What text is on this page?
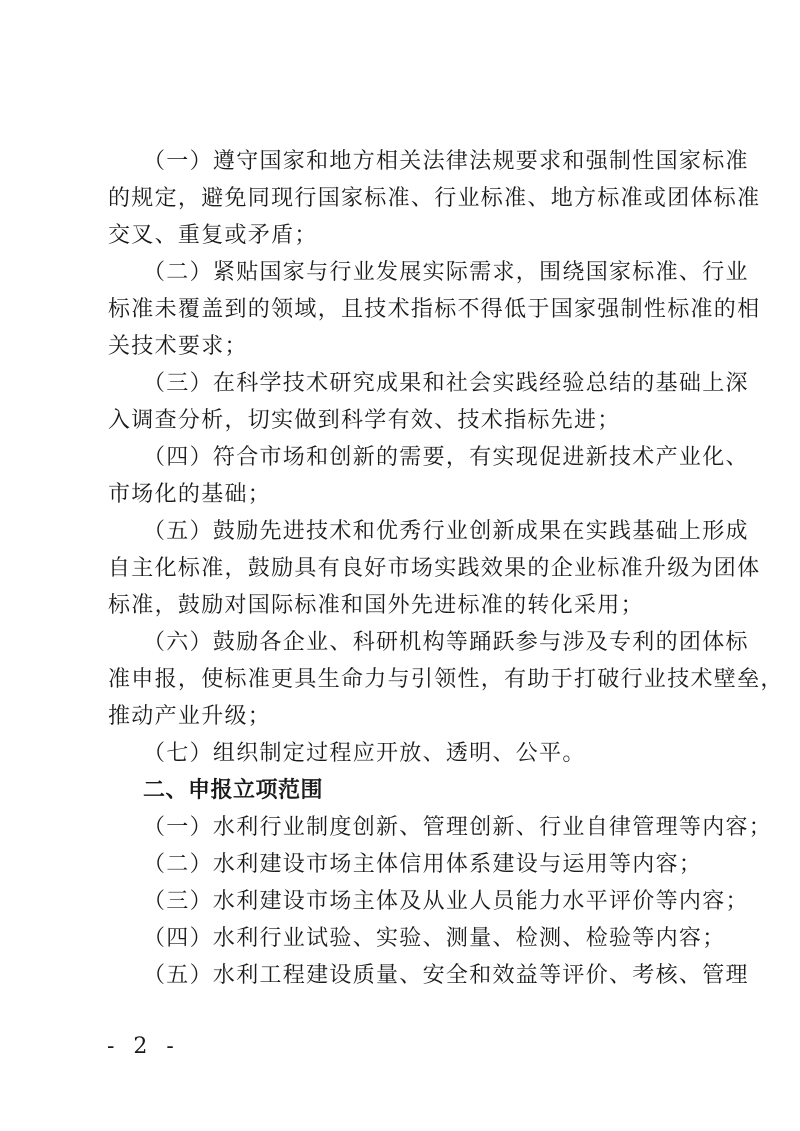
（一）遵守国家和地方相关法律法规要求和强制性国家标准
的规定，避免同现行国家标准、行业标准、地方标准或团体标准
交叉、重复或矛盾；
（二）紧贴国家与行业发展实际需求，围绕国家标准、行业
标准未覆盖到的领域，且技术指标不得低于国家强制性标准的相
关技术要求；
（三）在科学技术研究成果和社会实践经验总结的基础上深
入调查分析，切实做到科学有效、技术指标先进；
（四）符合市场和创新的需要，有实现促进新技术产业化、
市场化的基础；
（五）鼓励先进技术和优秀行业创新成果在实践基础上形成
自主化标准，鼓励具有良好市场实践效果的企业标准升级为团体
标准，鼓励对国际标准和国外先进标准的转化采用；
（六）鼓励各企业、科研机构等踊跃参与涉及专利的团体标
准申报，使标准更具生命力与引领性，有助于打破行业技术壁垒，
推动产业升级；
（七）组织制定过程应开放、透明、公平。
二、申报立项范围
（一）水利行业制度创新、管理创新、行业自律管理等内容；
（二）水利建设市场主体信用体系建设与运用等内容；
（三）水利建设市场主体及从业人员能力水平评价等内容；
（四）水利行业试验、实验、测量、检测、检验等内容；
（五）水利工程建设质量、安全和效益等评价、考核、管理
- 2 -
